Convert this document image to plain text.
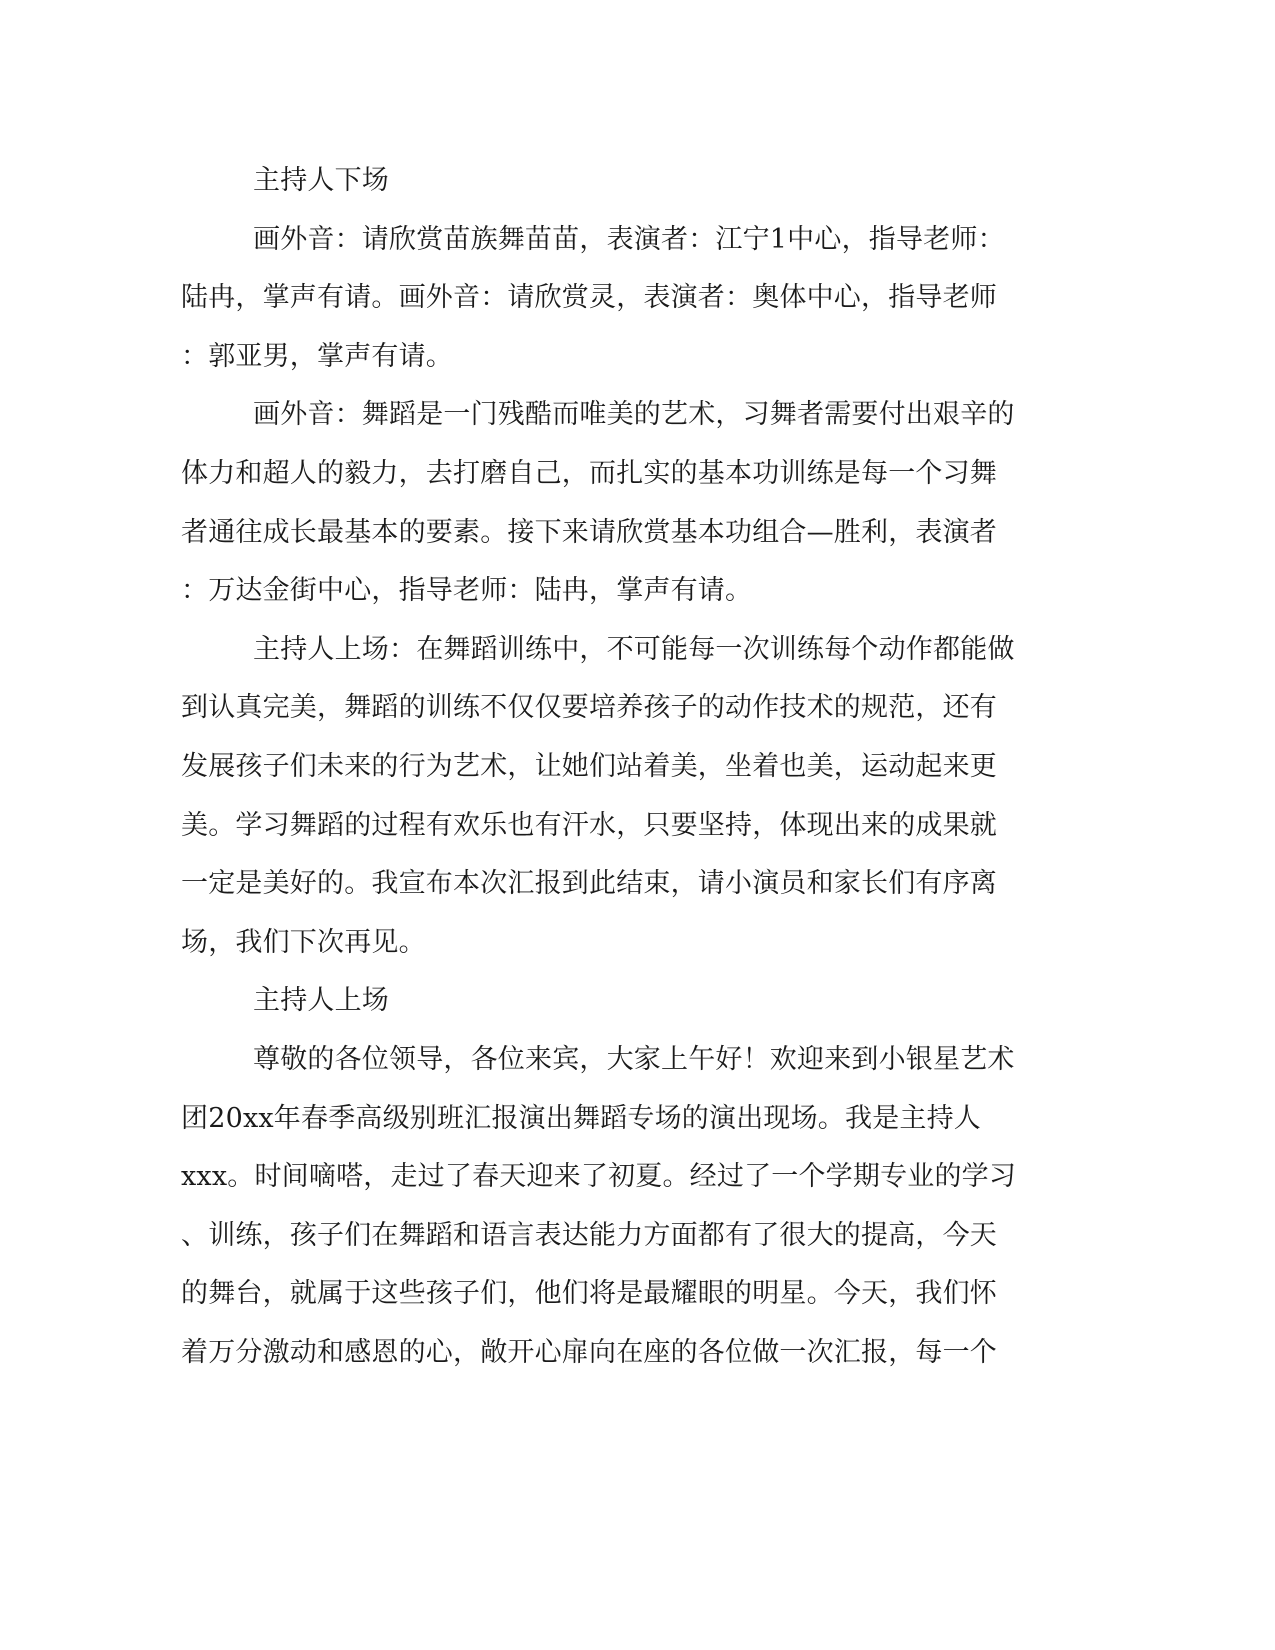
主持人下场
画外音：请欣赏苗族舞苗苗，表演者：江宁1中心，指导老师：
陆冉，掌声有请。画外音：请欣赏灵，表演者：奥体中心，指导老师
：郭亚男，掌声有请。
画外音：舞蹈是一门残酷而唯美的艺术，习舞者需要付出艰辛的
体力和超人的毅力，去打磨自己，而扎实的基本功训练是每一个习舞
者通往成长最基本的要素。接下来请欣赏基本功组合—胜利，表演者
：万达金街中心，指导老师：陆冉，掌声有请。
主持人上场：在舞蹈训练中，不可能每一次训练每个动作都能做
到认真完美，舞蹈的训练不仅仅要培养孩子的动作技术的规范，还有
发展孩子们未来的行为艺术，让她们站着美，坐着也美，运动起来更
美。学习舞蹈的过程有欢乐也有汗水，只要坚持，体现出来的成果就
一定是美好的。我宣布本次汇报到此结束，请小演员和家长们有序离
场，我们下次再见。
主持人上场
尊敬的各位领导，各位来宾，大家上午好！欢迎来到小银星艺术
团20xx年春季高级别班汇报演出舞蹈专场的演出现场。我是主持人
xxx。时间嘀嗒，走过了春天迎来了初夏。经过了一个学期专业的学习
、训练，孩子们在舞蹈和语言表达能力方面都有了很大的提高，今天
的舞台，就属于这些孩子们，他们将是最耀眼的明星。今天，我们怀
着万分激动和感恩的心，敞开心扉向在座的各位做一次汇报，每一个
